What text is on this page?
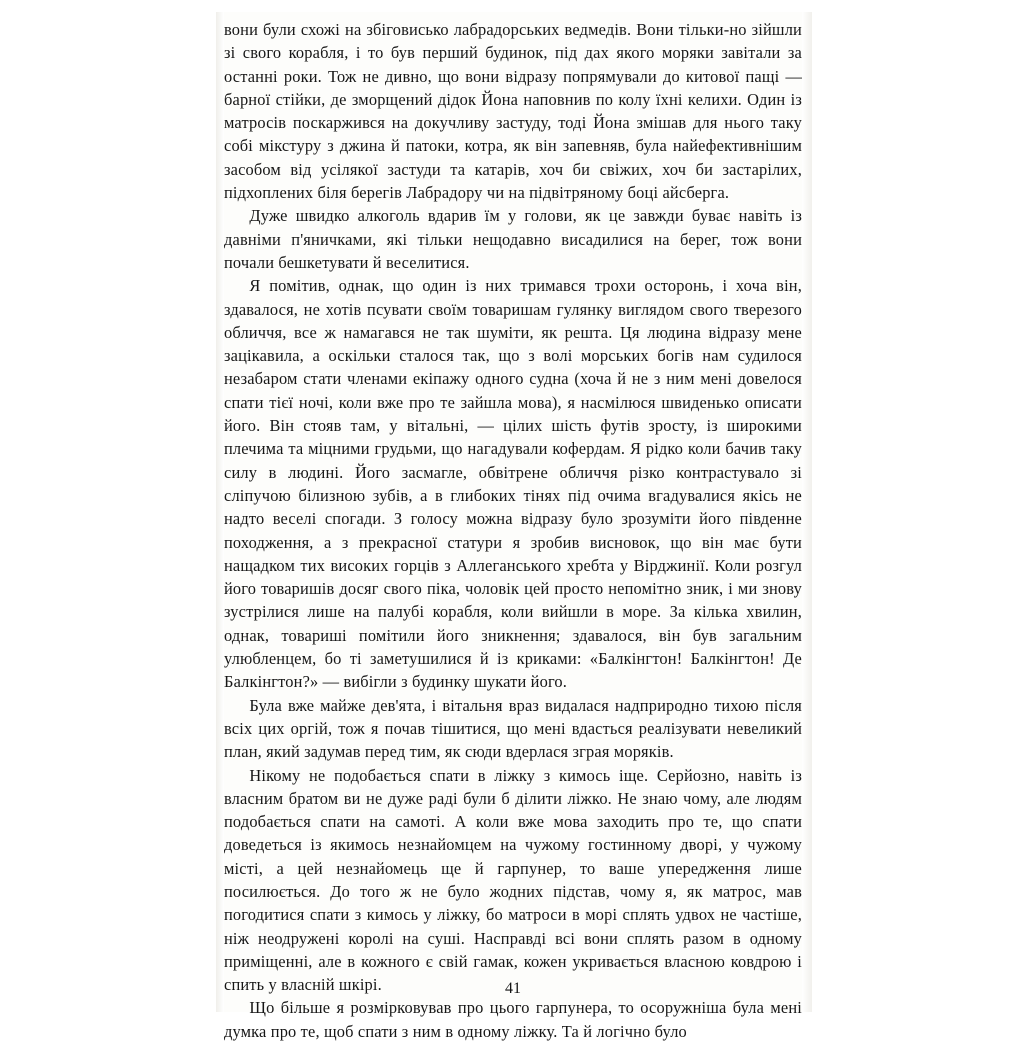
вони були схожі на збіговисько лабрадорських ведмедів. Вони тільки-но зійшли зі свого корабля, і то був перший будинок, під дах якого моряки завітали за останні роки. Тож не дивно, що вони відразу попрямували до китової пащі — барної стійки, де зморщений дідок Йона наповнив по колу їхні келихи. Один із матросів поскаржився на докучливу застуду, тоді Йона змішав для нього таку собі мікстуру з джина й патоки, котра, як він запевняв, була найефективнішим засобом від усілякої застуди та катарів, хоч би свіжих, хоч би застарілих, підхоплених біля берегів Лабрадору чи на підвітряному боці айсберга.

Дуже швидко алкоголь вдарив їм у голови, як це завжди буває навіть із давніми п'яничками, які тільки нещодавно висадилися на берег, тож вони почали бешкетувати й веселитися.

Я помітив, однак, що один із них тримався трохи осторонь, і хоча він, здавалося, не хотів псувати своїм товаришам гулянку виглядом свого тверезого обличчя, все ж намагався не так шуміти, як решта. Ця людина відразу мене зацікавила, а оскільки сталося так, що з волі морських богів нам судилося незабаром стати членами екіпажу одного судна (хоча й не з ним мені довелося спати тієї ночі, коли вже про те зайшла мова), я насмілюся швиденько описати його. Він стояв там, у вітальні, — цілих шість футів зросту, із широкими плечима та міцними грудьми, що нагадували кофердам. Я рідко коли бачив таку силу в людині. Його засмагле, обвітрене обличчя різко контрастувало зі сліпучою білизною зубів, а в глибоких тінях під очима вгадувалися якісь не надто веселі спогади. З голосу можна відразу було зрозуміти його південне походження, а з прекрасної статури я зробив висновок, що він має бути нащадком тих високих горців з Аллеганського хребта у Вірджинії. Коли розгул його товаришів досяг свого піка, чоловік цей просто непомітно зник, і ми знову зустрілися лише на палубі корабля, коли вийшли в море. За кілька хвилин, однак, товариші помітили його зникнення; здавалося, він був загальним улюбленцем, бо ті заметушилися й із криками: «Балкінгтон! Балкінгтон! Де Балкінгтон?» — вибігли з будинку шукати його.

Була вже майже дев'ята, і вітальня враз видалася надприродно тихою після всіх цих оргій, тож я почав тішитися, що мені вдасться реалізувати невеликий план, який задумав перед тим, як сюди вдерлася зграя моряків.

Нікому не подобається спати в ліжку з кимось іще. Серйозно, навіть із власним братом ви не дуже раді були б ділити ліжко. Не знаю чому, але людям подобається спати на самоті. А коли вже мова заходить про те, що спати доведеться із якимось незнайомцем на чужому гостинному дворі, у чужому місті, а цей незнайомець ще й гарпунер, то ваше упередження лише посилюється. До того ж не було жодних підстав, чому я, як матрос, мав погодитися спати з кимось у ліжку, бо матроси в морі сплять удвох не частіше, ніж неодружені королі на суші. Насправді всі вони сплять разом в одному приміщенні, але в кожного є свій гамак, кожен укривається власною ковдрою і спить у власній шкірі.

Що більше я розмірковував про цього гарпунера, то осоружніша була мені думка про те, щоб спати з ним в одному ліжку. Та й логічно було

41
